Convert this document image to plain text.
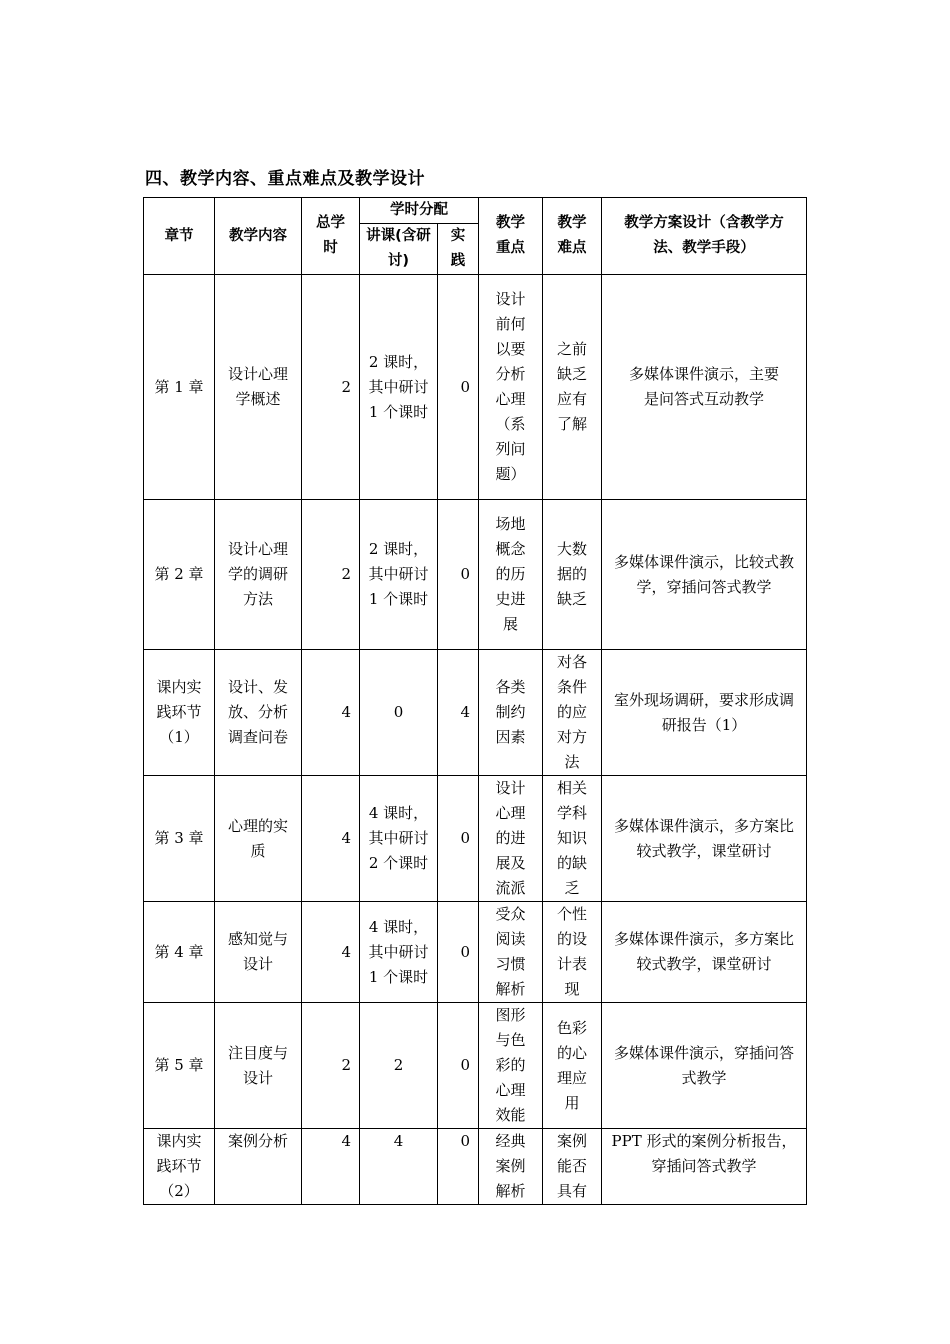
四、教学内容、重点难点及教学设计
章节	教学内容	总学时	学时分配		教学重点	教学难点	教学方案设计（含教学方法、教学手段）
			讲课(含研讨)	实践			
第 1 章	设计心理学概述	2	2 课时，其中研讨 1 个课时	0	设计前何以要分析心理（系列问题）	之前缺乏应有了解	多媒体课件演示，主要是问答式互动教学
第 2 章	设计心理学的调研方法	2	2 课时，其中研讨 1 个课时	0	场地概念的历史进展	大数据的缺乏	多媒体课件演示，比较式教学，穿插问答式教学
课内实践环节（1）	设计、发放、分析调查问卷	4	0	4	各类制约因素	对各条件的应对方法	室外现场调研，要求形成调研报告（1）
第 3 章	心理的实质	4	4 课时，其中研讨 2 个课时	0	设计心理的进展及流派	相关学科知识的缺乏	多媒体课件演示，多方案比较式教学，课堂研讨
第 4 章	感知觉与设计	4	4 课时，其中研讨 1 个课时	0	受众阅读习惯解析	个性的设计表现	多媒体课件演示，多方案比较式教学，课堂研讨
第 5 章	注目度与设计	2	2	0	图形与色彩的心理效能	色彩的心理应用	多媒体课件演示，穿插问答式教学
课内实践环节（2）	案例分析	4	4	0	经典案例解析	案例能否具有	PPT 形式的案例分析报告，穿插问答式教学
